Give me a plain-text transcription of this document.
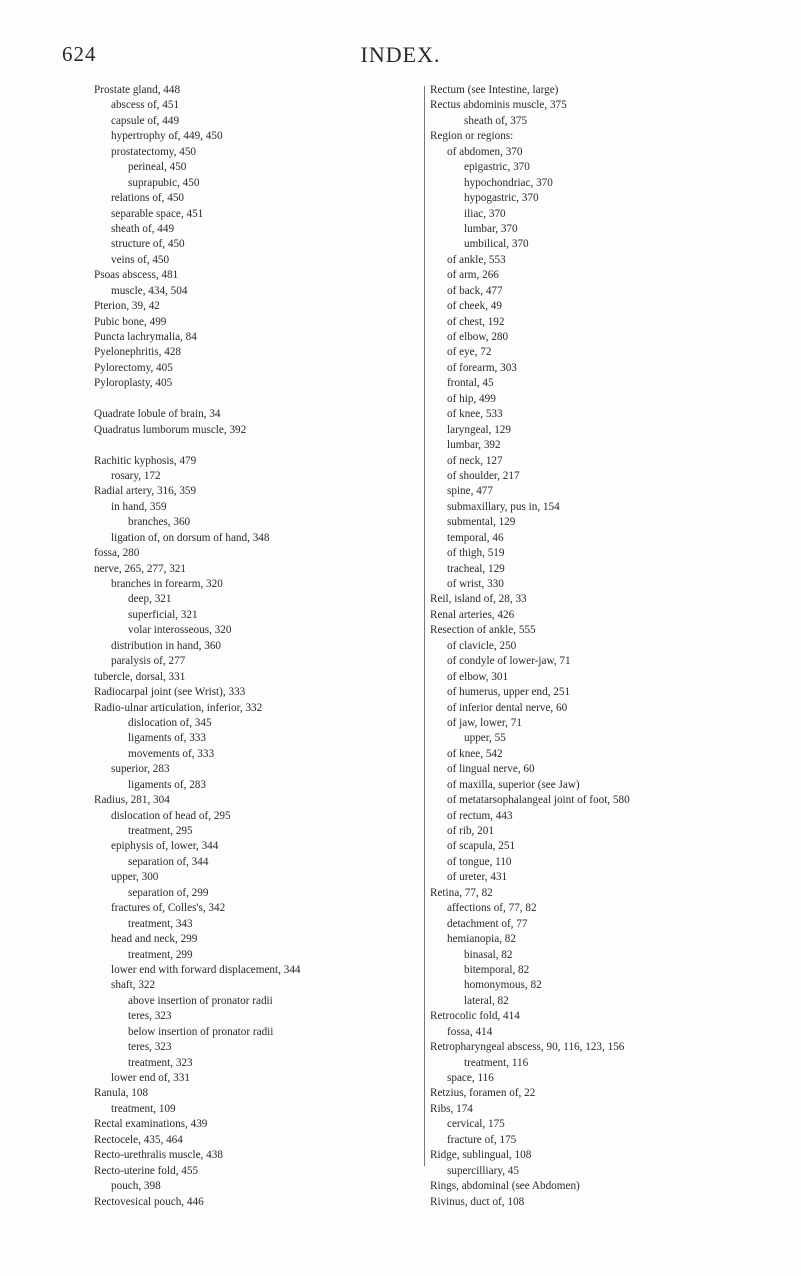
624	INDEX.
Prostate gland, 448
abscess of, 451
capsule of, 449
hypertrophy of, 449, 450
prostatectomy, 450
perineal, 450
suprapubic, 450
relations of, 450
separable space, 451
sheath of, 449
structure of, 450
veins of, 450
Psoas abscess, 481
muscle, 434, 504
Pterion, 39, 42
Pubic bone, 499
Puncta lachrymalia, 84
Pyelonephritis, 428
Pylorectomy, 405
Pyloroplasty, 405
Quadrate lobule of brain, 34
Quadratus lumborum muscle, 392
Rachitic kyphosis, 479
rosary, 172
Radial artery, 316, 359
in hand, 359
branches, 360
ligation of, on dorsum of hand, 348
fossa, 280
nerve, 265, 277, 321
branches in forearm, 320
deep, 321
superficial, 321
volar interosseous, 320
distribution in hand, 360
paralysis of, 277
tubercle, dorsal, 331
Radiocarpal joint (see Wrist), 333
Radio-ulnar articulation, inferior, 332
dislocation of, 345
ligaments of, 333
movements of, 333
superior, 283
ligaments of, 283
Radius, 281, 304
dislocation of head of, 295
treatment, 295
epiphysis of, lower, 344
separation of, 344
upper, 300
separation of, 299
fractures of, Colles's, 342
treatment, 343
head and neck, 299
treatment, 299
lower end with forward displacement, 344
shaft, 322
above insertion of pronator radii
teres, 323
below insertion of pronator radii
teres, 323
treatment, 323
lower end of, 331
Ranula, 108
treatment, 109
Rectal examinations, 439
Rectocele, 435, 464
Recto-urethralis muscle, 438
Recto-uterine fold, 455
pouch, 398
Rectovesical pouch, 446
Rectum (see Intestine, large)
Rectus abdominis muscle, 375
sheath of, 375
Region or regions:
of abdomen, 370
epigastric, 370
hypochondriac, 370
hypogastric, 370
iliac, 370
lumbar, 370
umbilical, 370
of ankle, 553
of arm, 266
of back, 477
of cheek, 49
of chest, 192
of elbow, 280
of eye, 72
of forearm, 303
frontal, 45
of hip, 499
of knee, 533
laryngeal, 129
lumbar, 392
of neck, 127
of shoulder, 217
spine, 477
submaxillary, pus in, 154
submental, 129
temporal, 46
of thigh, 519
tracheal, 129
of wrist, 330
Reil, island of, 28, 33
Renal arteries, 426
Resection of ankle, 555
of clavicle, 250
of condyle of lower-jaw, 71
of elbow, 301
of humerus, upper end, 251
of inferior dental nerve, 60
of jaw, lower, 71
upper, 55
of knee, 542
of lingual nerve, 60
of maxilla, superior (see Jaw)
of metatarsophalangeal joint of foot, 580
of rectum, 443
of rib, 201
of scapula, 251
of tongue, 110
of ureter, 431
Retina, 77, 82
affections of, 77, 82
detachment of, 77
hemianopia, 82
binasal, 82
bitemporal, 82
homonymous, 82
lateral, 82
Retrocolic fold, 414
fossa, 414
Retropharyngeal abscess, 90, 116, 123, 156
treatment, 116
space, 116
Retzius, foramen of, 22
Ribs, 174
cervical, 175
fracture of, 175
Ridge, sublingual, 108
supercilliary, 45
Rings, abdominal (see Abdomen)
Rivinus, duct of, 108
